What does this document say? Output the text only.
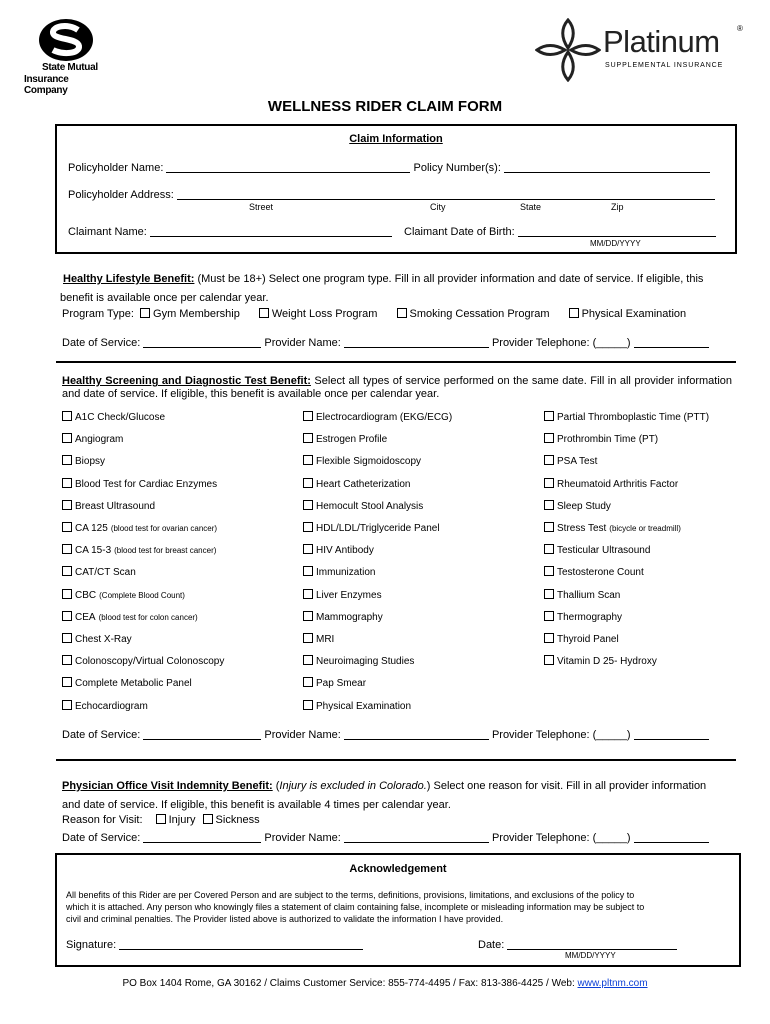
State Mutual
Insurance Company
Platinum ®
SUPPLEMENTAL INSURANCE
WELLNESS RIDER CLAIM FORM
Claim Information
Policyholder Name:	Policy Number(s):
Policyholder Address:
Street	City	State	Zip
Claimant Name:	Claimant Date of Birth:
MM/DD/YYYY
Healthy Lifestyle Benefit: (Must be 18+) Select one program type. Fill in all provider information and date of service. If eligible, this
benefit is available once per calendar year.
Program Type: Gym Membership	Weight Loss Program	Smoking Cessation Program	Physical Examination
Date of Service:	Provider Name:	Provider Telephone: (_____)
Healthy Screening and Diagnostic Test Benefit: Select all types of service performed on the same date. Fill in all provider information and date of service. If eligible, this benefit is available once per calendar year.
A1C Check/Glucose
Angiogram
Biopsy
Blood Test for Cardiac Enzymes
Breast Ultrasound
CA 125 (blood test for ovarian cancer)
CA 15-3 (blood test for breast cancer)
CAT/CT Scan
CBC (Complete Blood Count)
CEA (blood test for colon cancer)
Chest X-Ray
Colonoscopy/Virtual Colonoscopy
Complete Metabolic Panel
Echocardiogram
Electrocardiogram (EKG/ECG)
Estrogen Profile
Flexible Sigmoidoscopy
Heart Catheterization
Hemocult Stool Analysis
HDL/LDL/Triglyceride Panel
HIV Antibody
Immunization
Liver Enzymes
Mammography
MRI
Neuroimaging Studies
Pap Smear
Physical Examination
Partial Thromboplastic Time (PTT)
Prothrombin Time (PT)
PSA Test
Rheumatoid Arthritis Factor
Sleep Study
Stress Test (bicycle or treadmill)
Testicular Ultrasound
Testosterone Count
Thallium Scan
Thermography
Thyroid Panel
Vitamin D 25- Hydroxy
Date of Service:	Provider Name:	Provider Telephone: (_____)
Physician Office Visit Indemnity Benefit: (Injury is excluded in Colorado.) Select one reason for visit. Fill in all provider information
and date of service. If eligible, this benefit is available 4 times per calendar year.
Reason for Visit: Injury Sickness
Date of Service:	Provider Name:	Provider Telephone: (_____)
Acknowledgement
All benefits of this Rider are per Covered Person and are subject to the terms, definitions, provisions, limitations, and exclusions of the policy to
which it is attached. Any person who knowingly files a statement of claim containing false, incomplete or misleading information may be subject to
civil and criminal penalties. The Provider listed above is authorized to validate the information I have provided.
Signature:	Date:
MM/DD/YYYY
PO Box 1404 Rome, GA 30162 / Claims Customer Service: 855-774-4495 / Fax: 813-386-4425 / Web: www.pltnm.com
